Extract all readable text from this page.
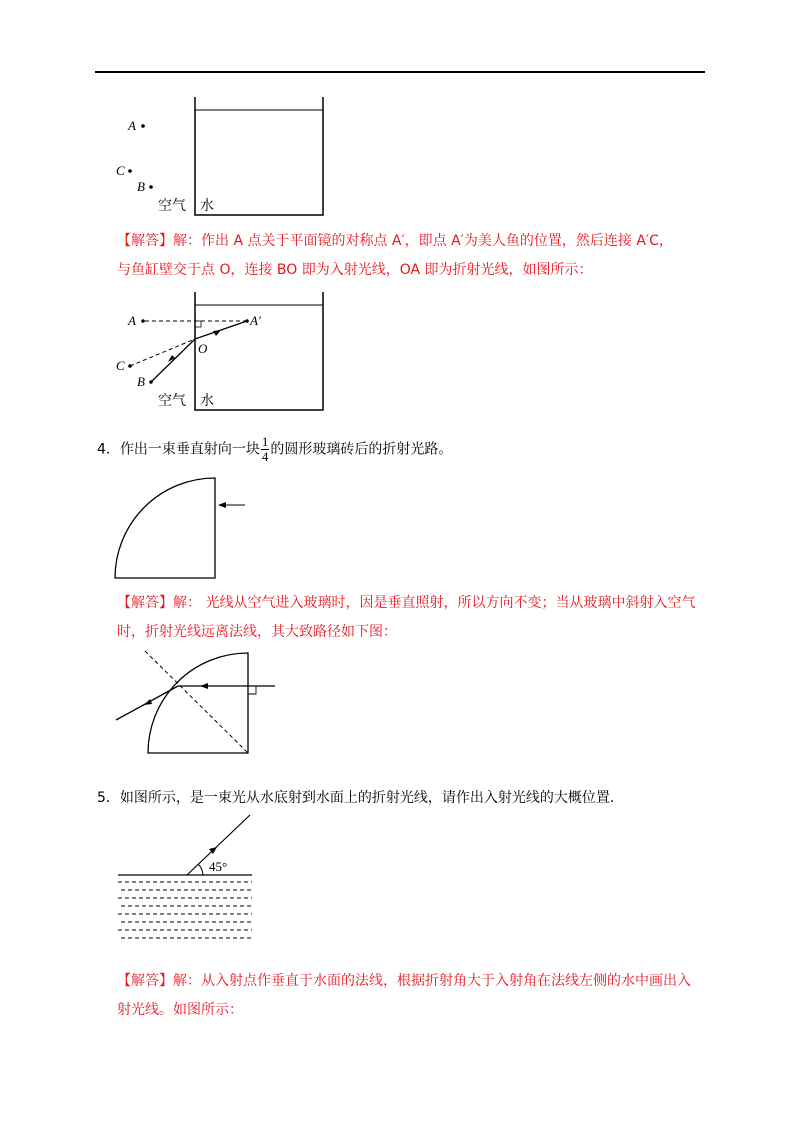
A
C
B
空气 水
【解答】解：作出 A 点关于平面镜的对称点 A′，即点 A′为美人鱼的位置，然后连接 A′C，
与鱼缸壁交于点 O，连接 BO 即为入射光线，OA 即为折射光线，如图所示：
A	A′
O
C
B
空气 水
4．作出一束垂直射向一块 $\frac{1}{4}$ 的圆形玻璃砖后的折射光路。
【解答】解： 光线从空气进入玻璃时，因是垂直照射，所以方向不变；当从玻璃中斜射入空气
时，折射光线远离法线，其大致路径如下图：
5．如图所示，是一束光从水底射到水面上的折射光线，请作出入射光线的大概位置.
45°
【解答】解：从入射点作垂直于水面的法线，根据折射角大于入射角在法线左侧的水中画出入
射光线。如图所示：
